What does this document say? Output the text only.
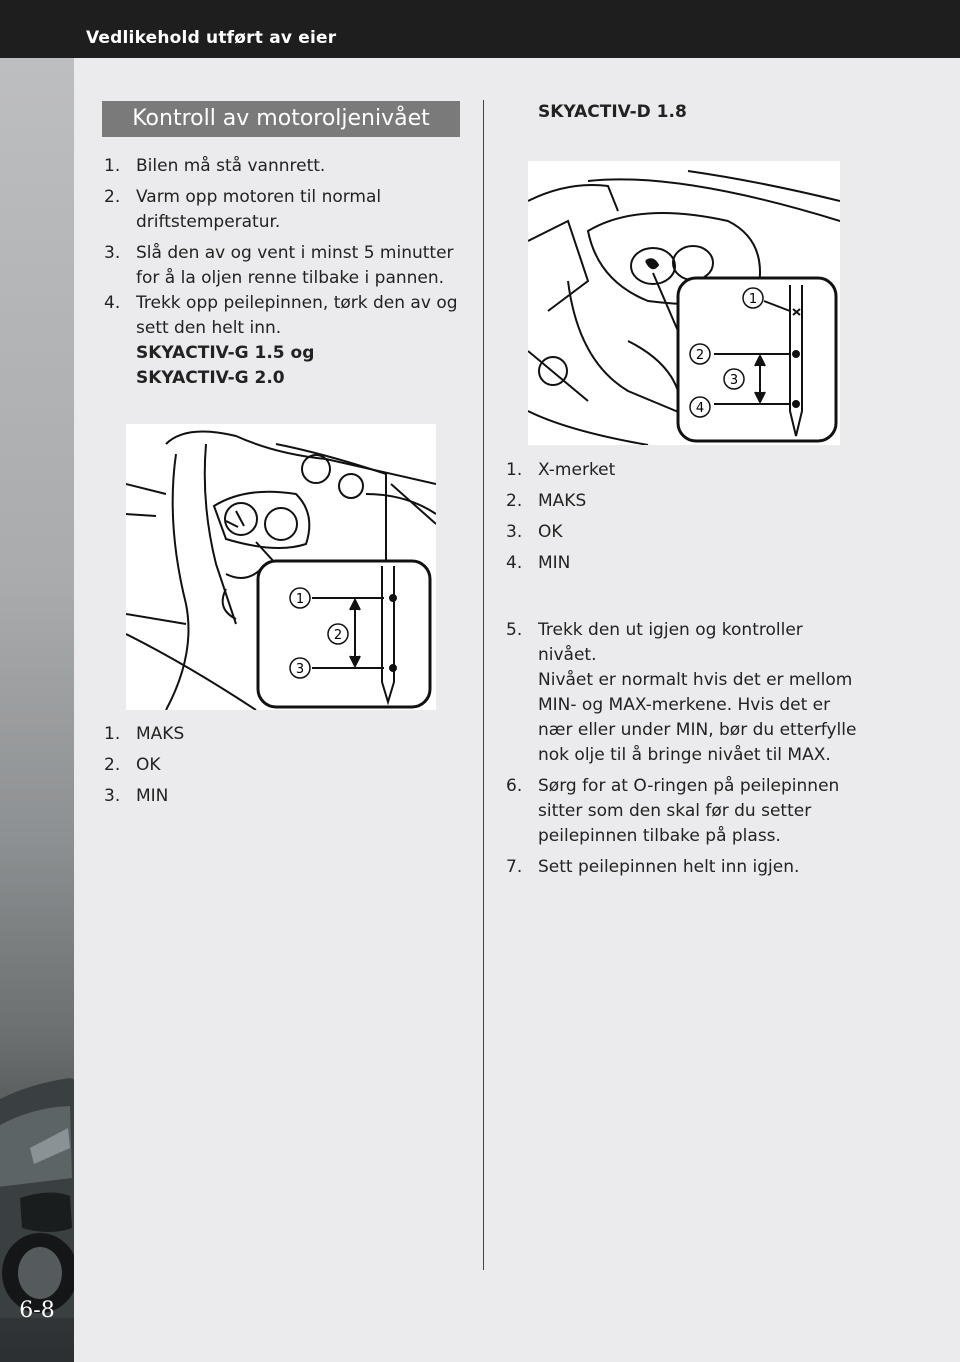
Vedlikehold utført av eier
6-8
Kontroll av motoroljenivået
1. Bilen må stå vannrett.
2. Varm opp motoren til normal driftstemperatur.
3. Slå den av og vent i minst 5 minutter for å la oljen renne tilbake i pannen.
4. Trekk opp peilepinnen, tørk den av og sett den helt inn.
SKYACTIV-G 1.5 og
SKYACTIV-G 2.0
1
2
3
1. MAKS
2. OK
3. MIN
SKYACTIV-D 1.8
1
2
3
4
1. X-merket
2. MAKS
3. OK
4. MIN
5. Trekk den ut igjen og kontroller nivået.
Nivået er normalt hvis det er mellom MIN- og MAX-merkene. Hvis det er nær eller under MIN, bør du etterfylle nok olje til å bringe nivået til MAX.
6. Sørg for at O-ringen på peilepinnen sitter som den skal før du setter peilepinnen tilbake på plass.
7. Sett peilepinnen helt inn igjen.
